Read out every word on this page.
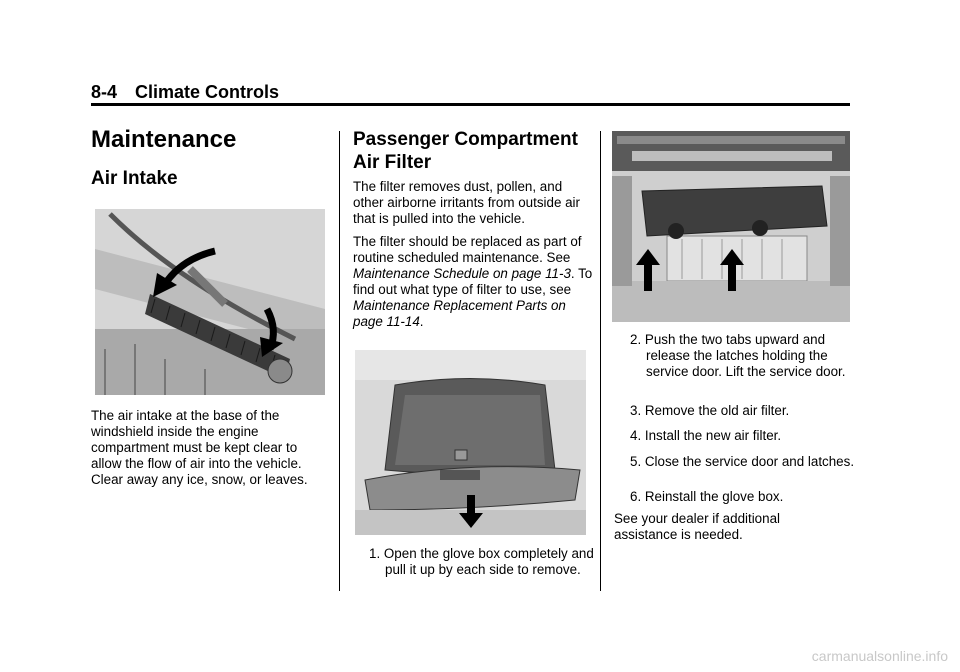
8-4 Climate Controls
Maintenance
Air Intake

The air intake at the base of the windshield inside the engine compartment must be kept clear to allow the flow of air into the vehicle. Clear away any ice, snow, or leaves.

Passenger Compartment Air Filter

The filter removes dust, pollen, and other airborne irritants from outside air that is pulled into the vehicle.

The filter should be replaced as part of routine scheduled maintenance. See Maintenance Schedule on page 11-3. To find out what type of filter to use, see Maintenance Replacement Parts on page 11-14.

1. Open the glove box completely and pull it up by each side to remove.

2. Push the two tabs upward and release the latches holding the service door. Lift the service door.

3. Remove the old air filter.

4. Install the new air filter.

5. Close the service door and latches.

6. Reinstall the glove box.

See your dealer if additional assistance is needed.

carmanualsonline.info
